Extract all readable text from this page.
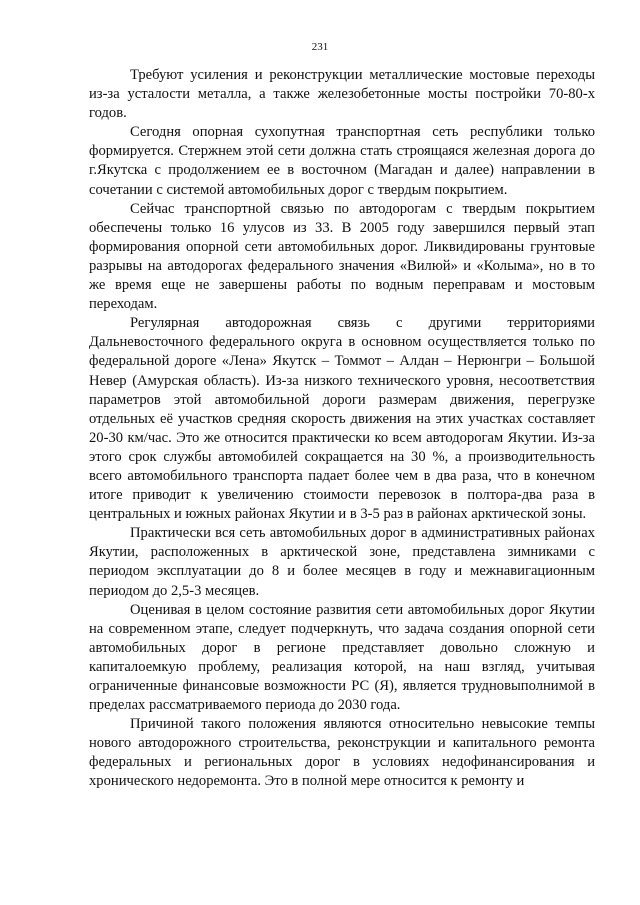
231

Требуют усиления и реконструкции металлические мостовые переходы из-за усталости металла, а также железобетонные мосты постройки 70-80-х годов.

Сегодня опорная сухопутная транспортная сеть республики только формируется. Стержнем этой сети должна стать строящаяся железная дорога до г.Якутска с продолжением ее в восточном (Магадан и далее) направлении в сочетании с системой автомобильных дорог с твердым покрытием.

Сейчас транспортной связью по автодорогам с твердым покрытием обеспечены только 16 улусов из 33. В 2005 году завершился первый этап формирования опорной сети автомобильных дорог. Ликвидированы грунтовые разрывы на автодорогах федерального значения «Вилюй» и «Колыма», но в то же время еще не завершены работы по водным переправам и мостовым переходам.

Регулярная автодорожная связь с другими территориями Дальневосточного федерального округа в основном осуществляется только по федеральной дороге «Лена» Якутск – Томмот – Алдан – Нерюнгри – Большой Невер (Амурская область). Из-за низкого технического уровня, несоответствия параметров этой автомобильной дороги размерам движения, перегрузке отдельных её участков средняя скорость движения на этих участках составляет 20-30 км/час. Это же относится практически ко всем автодорогам Якутии. Из-за этого срок службы автомобилей сокращается на 30 %, а производительность всего автомобильного транспорта падает более чем в два раза, что в конечном итоге приводит к увеличению стоимости перевозок в полтора-два раза в центральных и южных районах Якутии и в 3-5 раз в районах арктической зоны.

Практически вся сеть автомобильных дорог в административных районах Якутии, расположенных в арктической зоне, представлена зимниками с периодом эксплуатации до 8 и более месяцев в году и межнавигационным периодом до 2,5-3 месяцев.

Оценивая в целом состояние развития сети автомобильных дорог Якутии на современном этапе, следует подчеркнуть, что задача создания опорной сети автомобильных дорог в регионе представляет довольно сложную и капиталоемкую проблему, реализация которой, на наш взгляд, учитывая ограниченные финансовые возможности РС (Я), является трудновыполнимой в пределах рассматриваемого периода до 2030 года.

Причиной такого положения являются относительно невысокие темпы нового автодорожного строительства, реконструкции и капитального ремонта федеральных и региональных дорог в условиях недофинансирования и хронического недоремонта. Это в полной мере относится к ремонту и
